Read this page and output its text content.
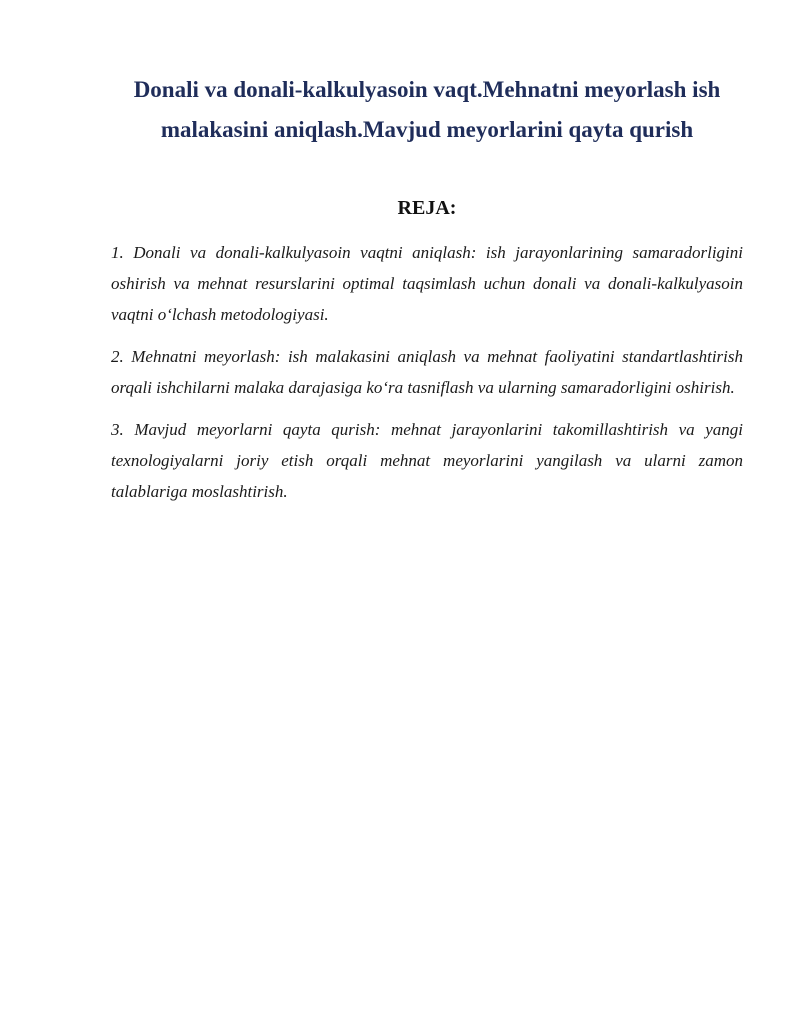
Donali va donali-kalkulyasoin vaqt.Mehnatni meyorlash ish malakasini aniqlash.Mavjud meyorlarini qayta qurish
REJA:
1. Donali va donali-kalkulyasoin vaqtni aniqlash: ish jarayonlarining samaradorligini oshirish va mehnat resurslarini optimal taqsimlash uchun donali va donali-kalkulyasoin vaqtni o‘lchash metodologiyasi.
2. Mehnatni meyorlash: ish malakasini aniqlash va mehnat faoliyatini standartlashtirish orqali ishchilarni malaka darajasiga ko‘ra tasniflash va ularning samaradorligini oshirish.
3. Mavjud meyorlarni qayta qurish: mehnat jarayonlarini takomillashtirish va yangi texnologiyalarni joriy etish orqali mehnat meyorlarini yangilash va ularni zamon talablariga moslashtirish.
